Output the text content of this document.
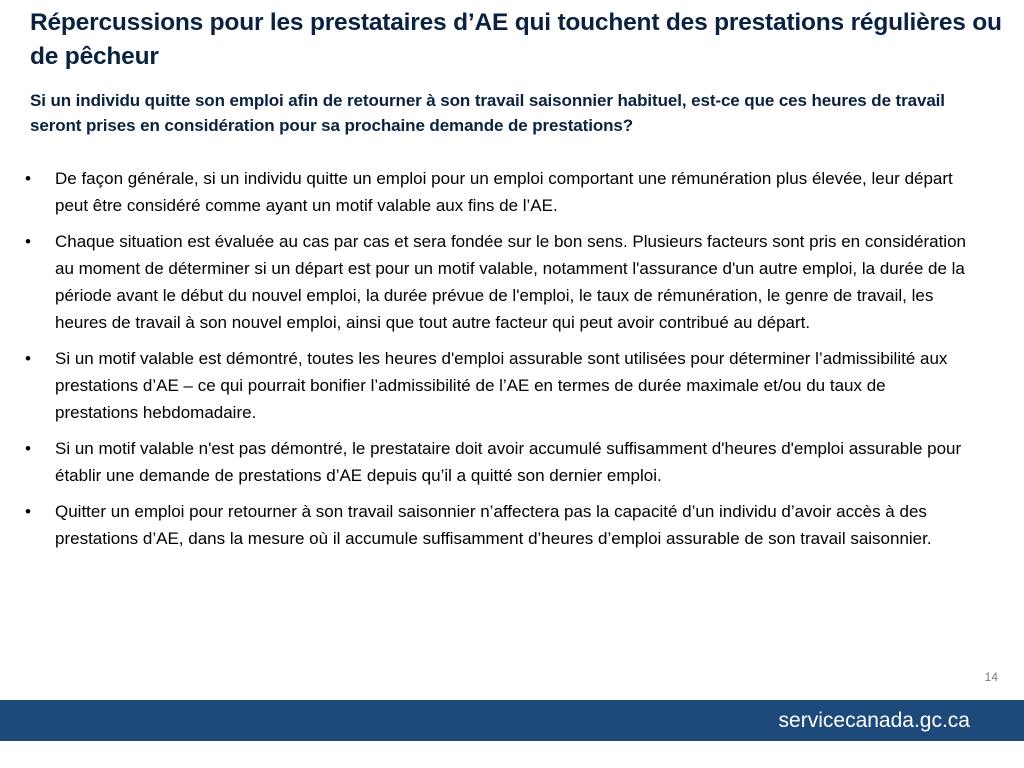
Répercussions pour les prestataires d’AE qui touchent des prestations régulières ou de pêcheur
Si un individu quitte son emploi afin de retourner à son travail saisonnier habituel, est-ce que ces heures de travail seront prises en considération pour sa prochaine demande de prestations?
• De façon générale, si un individu quitte un emploi pour un emploi comportant une rémunération plus élevée, leur départ peut être considéré comme ayant un motif valable aux fins de l’AE.
• Chaque situation est évaluée au cas par cas et sera fondée sur le bon sens. Plusieurs facteurs sont pris en considération au moment de déterminer si un départ est pour un motif valable, notamment l'assurance d'un autre emploi, la durée de la période avant le début du nouvel emploi, la durée prévue de l'emploi, le taux de rémunération, le genre de travail, les heures de travail à son nouvel emploi, ainsi que tout autre facteur qui peut avoir contribué au départ.
• Si un motif valable est démontré, toutes les heures d'emploi assurable sont utilisées pour déterminer l’admissibilité aux prestations d’AE – ce qui pourrait bonifier l’admissibilité de l’AE en termes de durée maximale et/ou du taux de prestations hebdomadaire.
• Si un motif valable n'est pas démontré, le prestataire doit avoir accumulé suffisamment d'heures d'emploi assurable pour établir une demande de prestations d’AE depuis qu’il a quitté son dernier emploi.
• Quitter un emploi pour retourner à son travail saisonnier n’affectera pas la capacité d’un individu d’avoir accès à des prestations d’AE, dans la mesure où il accumule suffisamment d’heures d’emploi assurable de son travail saisonnier.
14
servicecanada.gc.ca
